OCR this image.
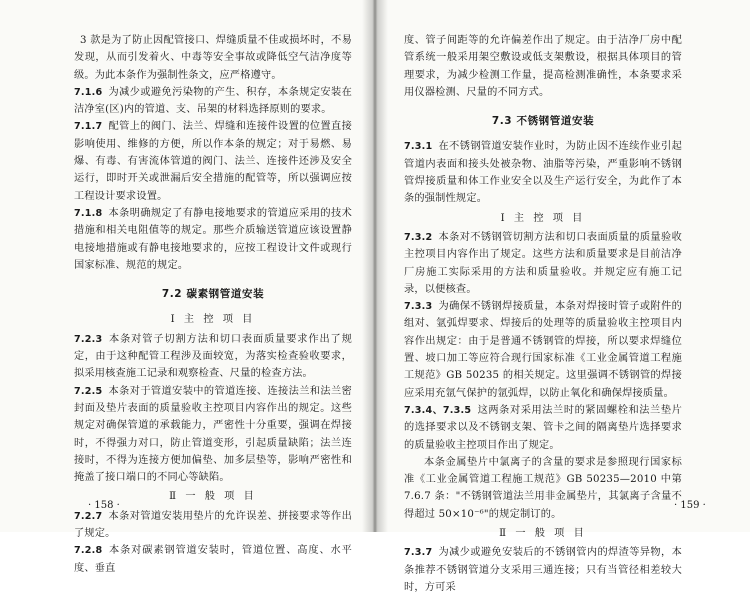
3 款是为了防止因配管接口、焊缝质量不佳或损坏时，不易发现，从而引发着火、中毒等安全事故或降低空气洁净度等级。为此本条作为强制性条文，应严格遵守。

7.1.6 为减少或避免污染物的产生、积存，本条规定安装在洁净室(区)内的管道、支、吊架的材料选择原则的要求。

7.1.7 配管上的阀门、法兰、焊缝和连接件设置的位置直接影响使用、维修的方便，所以作本条的规定；对于易燃、易爆、有毒、有害流体管道的阀门、法兰、连接件还涉及安全运行，即时开关或泄漏后安全措施的配管等，所以强调应按工程设计要求设置。

7.1.8 本条明确规定了有静电接地要求的管道应采用的技术措施和相关电阻值等的规定。那些介质输送管道应该设置静电接地措施或有静电接地要求的，应按工程设计文件或现行国家标准、规范的规定。

7.2 碳素钢管道安装
Ⅰ 主 控 项 目

7.2.3 本条对管子切割方法和切口表面质量要求作出了规定，由于这种配管工程涉及面较宽，为落实检查验收要求，拟采用核查施工记录和观察检查、尺量的检查方法。

7.2.5 本条对于管道安装中的管道连接、连接法兰和法兰密封面及垫片表面的质量验收主控项目内容作出的规定。这些规定对确保管道的承载能力，严密性十分重要，强调在焊接时，不得强力对口，防止管道变形，引起质量缺陷；法兰连接时，不得为连接方便加偏垫、加多层垫等，影响严密性和掩盖了接口端口的不同心等缺陷。

Ⅱ 一 般 项 目

7.2.7 本条对管道安装用垫片的允许误差、拼接要求等作出了规定。

7.2.8 本条对碳素钢管道安装时，管道位置、高度、水平度、垂直

· 158 ·

度、管子间距等的允许偏差作出了规定。由于洁净厂房中配管系统一般采用架空敷设或低支架敷设，根据具体项目的管理要求，为减少检测工作量，提高检测准确性，本条要求采用仪器检测、尺量的不同方式。

7.3 不锈钢管道安装

7.3.1 在不锈钢管道安装作业时，为防止因不连续作业引起管道内表面和接头处被杂物、油脂等污染，严重影响不锈钢管焊接质量和体工作业安全以及生产运行安全，为此作了本条的强制性规定。

Ⅰ 主 控 项 目

7.3.2 本条对不锈钢管切割方法和切口表面质量的质量验收主控项目内容作出了规定。这些方法和质量要求是目前洁净厂房施工实际采用的方法和质量验收。并规定应有施工记录，以便核查。

7.3.3 为确保不锈钢焊接质量，本条对焊接时管子或附件的组对、氩弧焊要求、焊接后的处理等的质量验收主控项目内容作出规定：由于是普通不锈钢管的焊接，所以要求焊缝位置、坡口加工等应符合现行国家标准《工业金属管道工程施工规范》GB 50235 的相关规定。这里强调不锈钢管的焊接应采用充氩气保护的氩弧焊，以防止氧化和确保焊接质量。

7.3.4、7.3.5 这两条对采用法兰时的紧固螺栓和法兰垫片的选择要求以及不锈钢支架、管卡之间的隔离垫片选择要求的质量验收主控项目作出了规定。

本条金属垫片中氯离子的含量的要求是参照现行国家标准《工业金属管道工程施工规范》GB 50235—2010 中第 7.6.7 条："不锈钢管道法兰用非金属垫片，其氯离子含量不得超过 50×10⁻⁶"的规定制订的。

Ⅱ 一 般 项 目

7.3.7 为减少或避免安装后的不锈钢管内的焊渣等异物，本条推荐不锈钢管道分支采用三通连接；只有当管径相差较大时，方可采

· 159 ·
